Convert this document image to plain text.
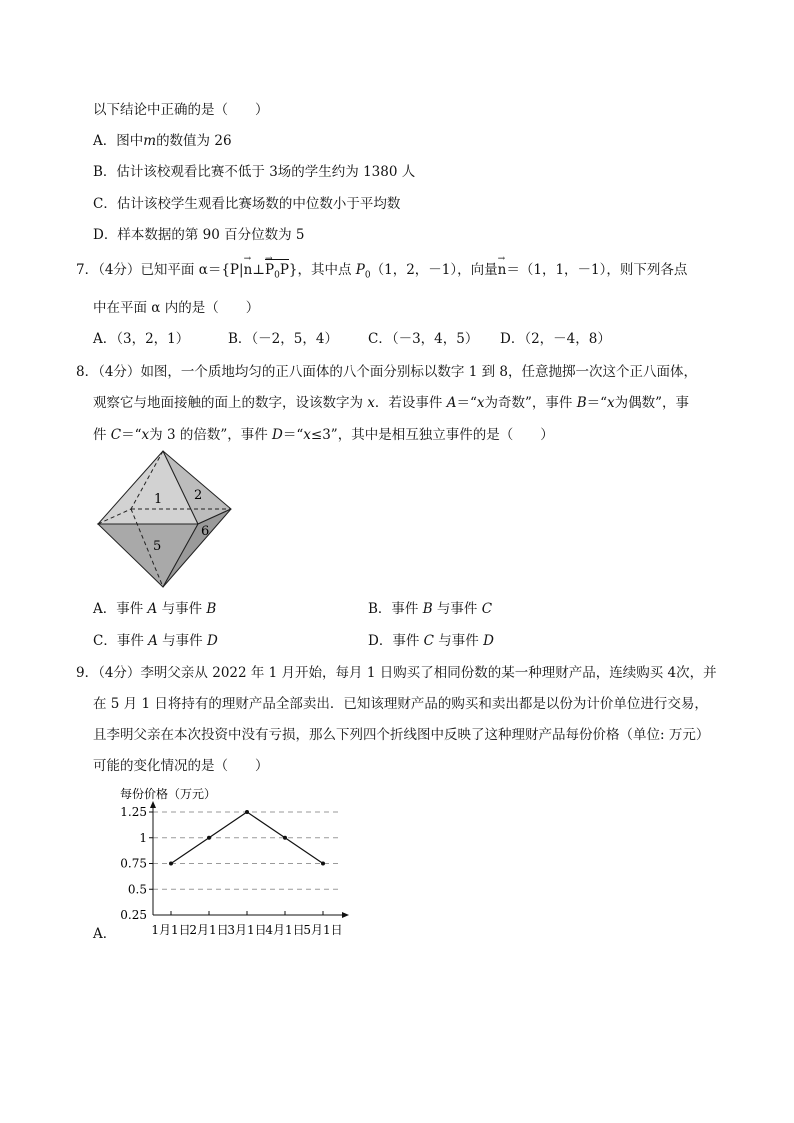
以下结论中正确的是（　　）
A．图中m的数值为 26
B．估计该校观看比赛不低于 3场的学生约为 1380 人
C．估计该校学生观看比赛场数的中位数小于平均数
D．样本数据的第 90 百分位数为 5
7．（4分）已知平面 α＝{P|→ n⊥→ $P_0P$}，其中点 $P_0(1$，2，－1），向量→ n＝（1，1，－1），则下列各点
中在平面 α 内的是（　　）
A．（3，2，1）	B．（－2，5，4） C．（－3，4，5） D．（2，－4，8）
8．（4分）如图，一个质地均匀的正八面体的八个面分别标以数字 1 到 8，任意抛掷一次这个正八面体，
观察它与地面接触的面上的数字，设该数字为 x．若设事件 A＝“x为奇数”，事件 B＝“x为偶数”，事
件 C＝“x为 3 的倍数”，事件 D＝“x≤3”，其中是相互独立事件的是（　　）
1 2
5
6
A．事件 A 与事件 B	B．事件 B 与事件 C
C．事件 A 与事件 D	D．事件 C 与事件 D
9．（4分）李明父亲从 2022 年 1 月开始，每月 1 日购买了相同份数的某一种理财产品，连续购买 4次，并
在 5 月 1 日将持有的理财产品全部卖出．已知该理财产品的购买和卖出都是以份为计价单位进行交易，
且李明父亲在本次投资中没有亏损，那么下列四个折线图中反映了这种理财产品每份价格（单位: 万元）
可能的变化情况的是（　　）
A．
每份价格（万元）
1.25
1
0.75
0.5
0.25
1月1日
2月1日
3月1日
4月1日
5月1日
